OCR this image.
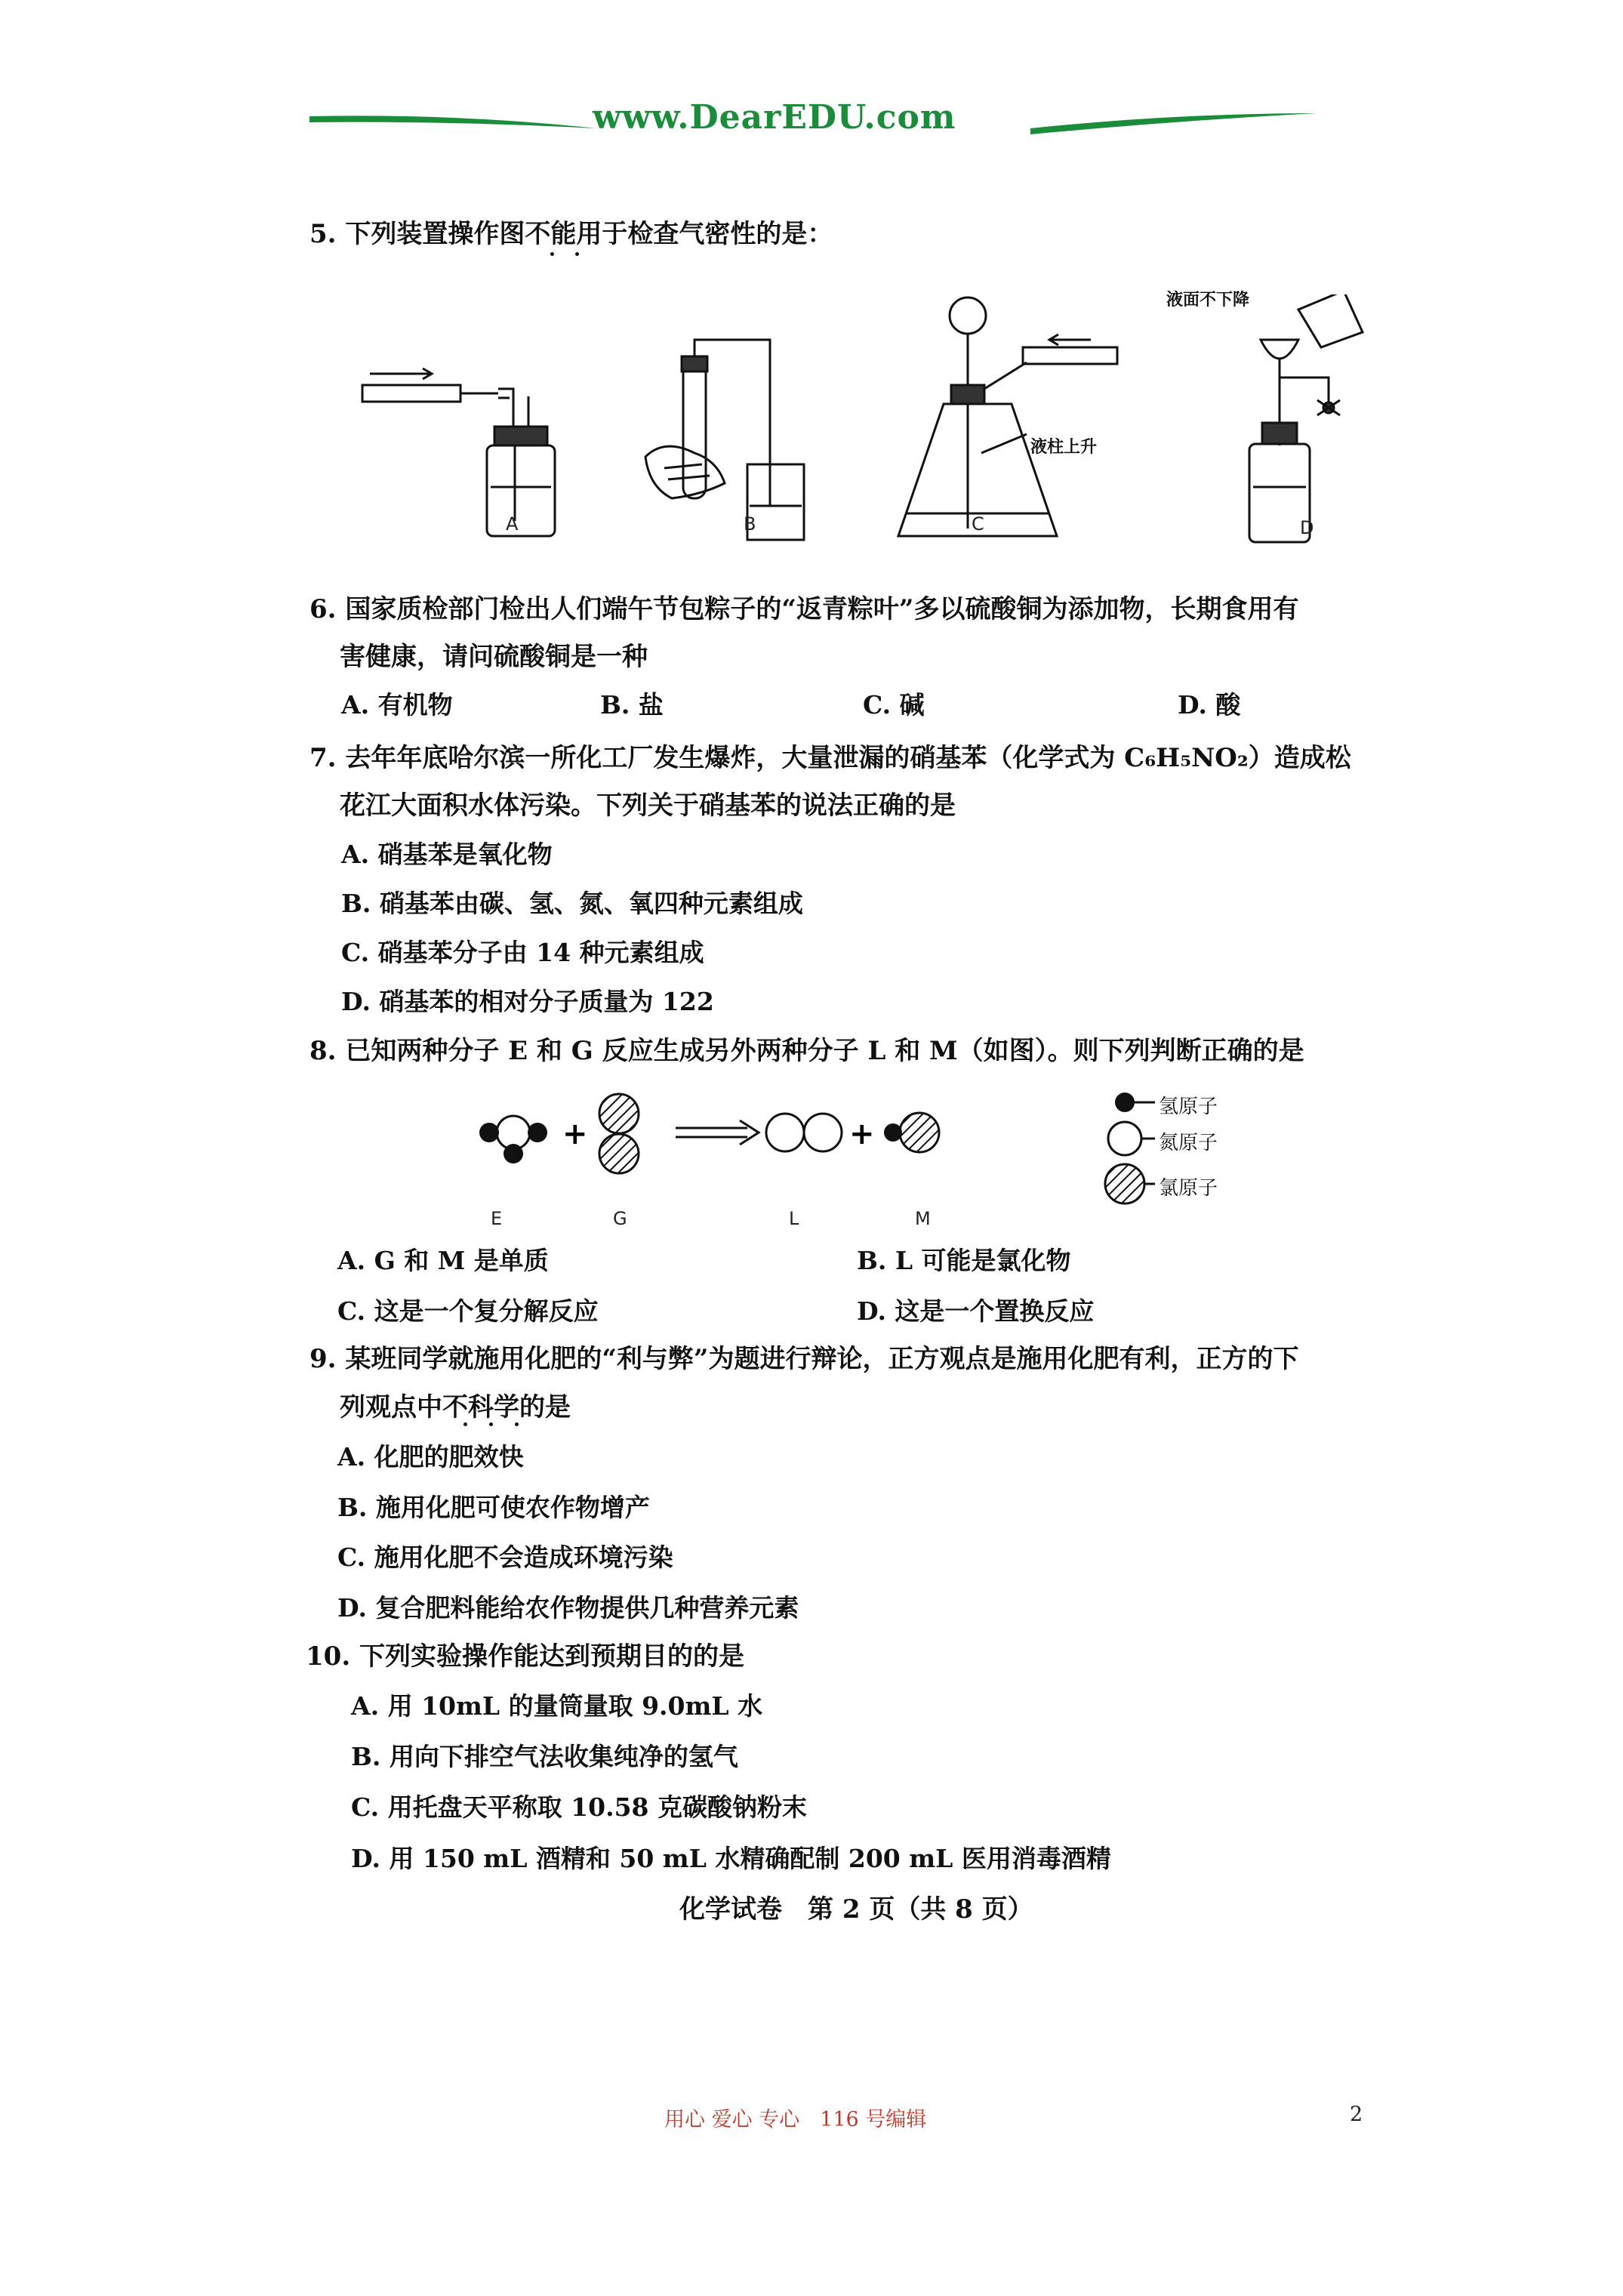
www.DearEDU.com
5. 下列装置操作图不能用于检查气密性的是：
液柱上升
液面不下降
A	B	C	D
6. 国家质检部门检出人们端午节包粽子的“返青粽叶”多以硫酸铜为添加物，长期食用有
害健康，请问硫酸铜是一种
A. 有机物	B. 盐	C. 碱	D. 酸
7. 去年年底哈尔滨一所化工厂发生爆炸，大量泄漏的硝基苯（化学式为 C₆H₅NO₂）造成松
花江大面积水体污染。下列关于硝基苯的说法正确的是
A. 硝基苯是氧化物
B. 硝基苯由碳、氢、氮、氧四种元素组成
C. 硝基苯分子由 14 种元素组成
D. 硝基苯的相对分子质量为 122
8. 已知两种分子 E 和 G 反应生成另外两种分子 L 和 M（如图）。则下列判断正确的是
+	+
氢原子
氮原子
氯原子
E	G	L	M
A. G 和 M 是单质	B. L 可能是氯化物
C. 这是一个复分解反应	D. 这是一个置换反应
9. 某班同学就施用化肥的“利与弊”为题进行辩论，正方观点是施用化肥有利，正方的下
列观点中不科学的是
A. 化肥的肥效快
B. 施用化肥可使农作物增产
C. 施用化肥不会造成环境污染
D. 复合肥料能给农作物提供几种营养元素
10. 下列实验操作能达到预期目的的是
A. 用 10mL 的量筒量取 9.0mL 水
B. 用向下排空气法收集纯净的氢气
C. 用托盘天平称取 10.58 克碳酸钠粉末
D. 用 150 mL 酒精和 50 mL 水精确配制 200 mL 医用消毒酒精
化学试卷　第 2 页（共 8 页）
用心 爱心 专心　116 号编辑	2
